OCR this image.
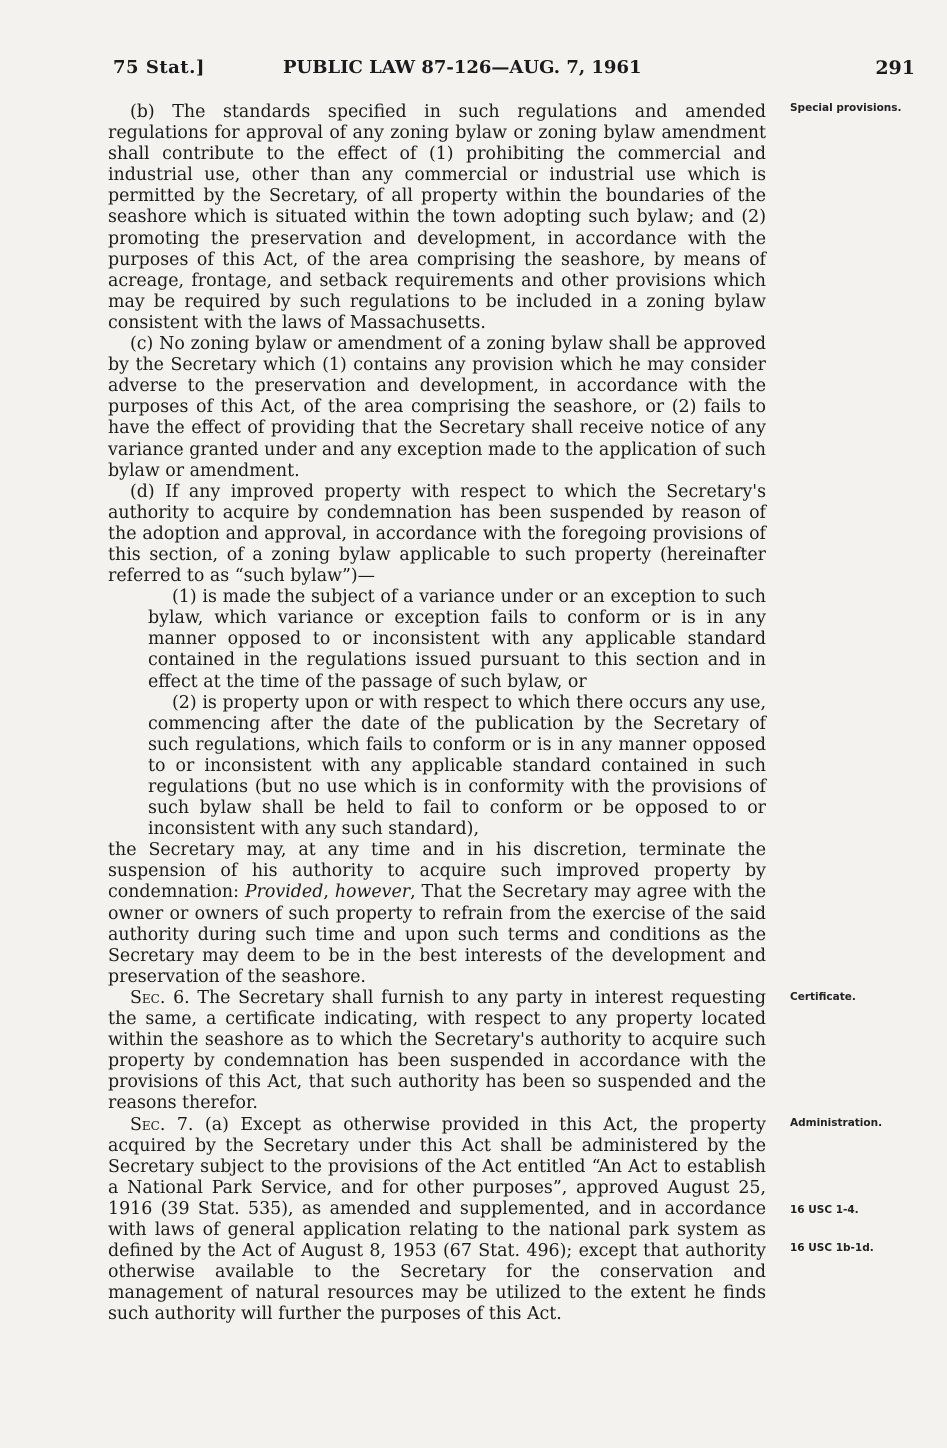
75 Stat.]	PUBLIC LAW 87-126—AUG. 7, 1961	291

(b) The standards specified in such regulations and amended regulations for approval of any zoning bylaw or zoning bylaw amendment shall contribute to the effect of (1) prohibiting the commercial and industrial use, other than any commercial or industrial use which is permitted by the Secretary, of all property within the boundaries of the seashore which is situated within the town adopting such bylaw; and (2) promoting the preservation and development, in accordance with the purposes of this Act, of the area comprising the seashore, by means of acreage, frontage, and setback requirements and other provisions which may be required by such regulations to be included in a zoning bylaw consistent with the laws of Massachusetts.

(c) No zoning bylaw or amendment of a zoning bylaw shall be approved by the Secretary which (1) contains any provision which he may consider adverse to the preservation and development, in accordance with the purposes of this Act, of the area comprising the seashore, or (2) fails to have the effect of providing that the Secretary shall receive notice of any variance granted under and any exception made to the application of such bylaw or amendment.

(d) If any improved property with respect to which the Secretary's authority to acquire by condemnation has been suspended by reason of the adoption and approval, in accordance with the foregoing provisions of this section, of a zoning bylaw applicable to such property (hereinafter referred to as “such bylaw”)—

(1) is made the subject of a variance under or an exception to such bylaw, which variance or exception fails to conform or is in any manner opposed to or inconsistent with any applicable standard contained in the regulations issued pursuant to this section and in effect at the time of the passage of such bylaw, or

(2) is property upon or with respect to which there occurs any use, commencing after the date of the publication by the Secretary of such regulations, which fails to conform or is in any manner opposed to or inconsistent with any applicable standard contained in such regulations (but no use which is in conformity with the provisions of such bylaw shall be held to fail to conform or be opposed to or inconsistent with any such standard),

the Secretary may, at any time and in his discretion, terminate the suspension of his authority to acquire such improved property by condemnation: Provided, however, That the Secretary may agree with the owner or owners of such property to refrain from the exercise of the said authority during such time and upon such terms and conditions as the Secretary may deem to be in the best interests of the development and preservation of the seashore.

Sec. 6. The Secretary shall furnish to any party in interest requesting the same, a certificate indicating, with respect to any property located within the seashore as to which the Secretary's authority to acquire such property by condemnation has been suspended in accordance with the provisions of this Act, that such authority has been so suspended and the reasons therefor.

Sec. 7. (a) Except as otherwise provided in this Act, the property acquired by the Secretary under this Act shall be administered by the Secretary subject to the provisions of the Act entitled “An Act to establish a National Park Service, and for other purposes”, approved August 25, 1916 (39 Stat. 535), as amended and supplemented, and in accordance with laws of general application relating to the national park system as defined by the Act of August 8, 1953 (67 Stat. 496); except that authority otherwise available to the Secretary for the conservation and management of natural resources may be utilized to the extent he finds such authority will further the purposes of this Act.

Special provisions.
Certificate.
Administration.
16 USC 1-4.
16 USC 1b-1d.
